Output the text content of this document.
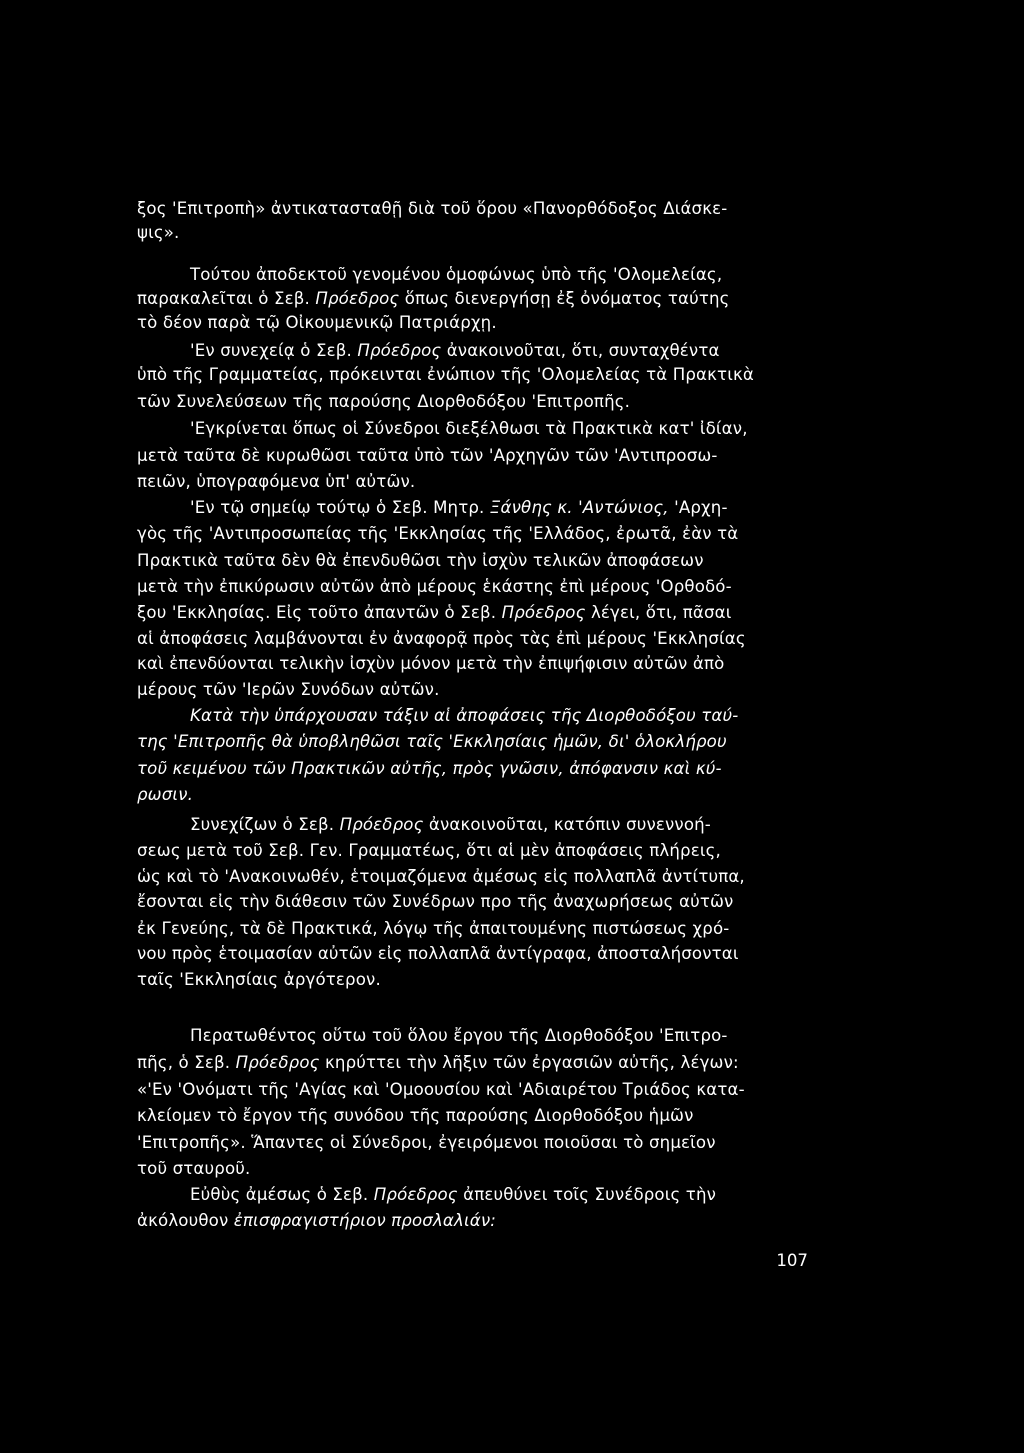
ξος 'Επιτροπὴ» ἀντικατασταθῇ διὰ τοῦ ὅρου «Πανορθόδοξος Διάσκε-
ψις».
Τούτου ἀποδεκτοῦ γενομένου ὁμοφώνως ὑπὸ τῆς 'Ολομελείας,
παρακαλεῖται ὁ Σεβ. Πρόεδρος ὅπως διενεργήσῃ ἐξ ὀνόματος ταύτης
τὸ δέον παρὰ τῷ Οἰκουμενικῷ Πατριάρχῃ.
'Εν συνεχείᾳ ὁ Σεβ. Πρόεδρος ἀνακοινοῦται, ὅτι, συνταχθέντα
ὑπὸ τῆς Γραμματείας, πρόκεινται ἐνώπιον τῆς 'Ολομελείας τὰ Πρακτικὰ
τῶν Συνελεύσεων τῆς παρούσης Διορθοδόξου 'Επιτροπῆς.
'Εγκρίνεται ὅπως οἱ Σύνεδροι διεξέλθωσι τὰ Πρακτικὰ κατ' ἰδίαν,
μετὰ ταῦτα δὲ κυρωθῶσι ταῦτα ὑπὸ τῶν 'Αρχηγῶν τῶν 'Αντιπροσω-
πειῶν, ὑπογραφόμενα ὑπ' αὐτῶν.
'Εν τῷ σημείῳ τούτῳ ὁ Σεβ. Μητρ. Ξάνθης κ. 'Αντώνιος, 'Αρχη-
γὸς τῆς 'Αντιπροσωπείας τῆς 'Εκκλησίας τῆς 'Ελλάδος, ἐρωτᾶ, ἐὰν τὰ
Πρακτικὰ ταῦτα δὲν θὰ ἐπενδυθῶσι τὴν ἰσχὺν τελικῶν ἀποφάσεων
μετὰ τὴν ἐπικύρωσιν αὐτῶν ἀπὸ μέρους ἑκάστης ἐπὶ μέρους 'Ορθοδό-
ξου 'Εκκλησίας. Εἰς τοῦτο ἀπαντῶν ὁ Σεβ. Πρόεδρος λέγει, ὅτι, πᾶσαι
αἱ ἀποφάσεις λαμβάνονται ἐν ἀναφορᾷ πρὸς τὰς ἐπὶ μέρους 'Εκκλησίας
καὶ ἐπενδύονται τελικὴν ἰσχὺν μόνον μετὰ τὴν ἐπιψήφισιν αὐτῶν ἀπὸ
μέρους τῶν 'Ιερῶν Συνόδων αὐτῶν.
Κατὰ τὴν ὑπάρχουσαν τάξιν αἱ ἀποφάσεις τῆς Διορθοδόξου ταύ-
της 'Επιτροπῆς θὰ ὑποβληθῶσι ταῖς 'Εκκλησίαις ἡμῶν, δι' ὁλοκλήρου
τοῦ κειμένου τῶν Πρακτικῶν αὐτῆς, πρὸς γνῶσιν, ἀπόφανσιν καὶ κύ-
ρωσιν.
Συνεχίζων ὁ Σεβ. Πρόεδρος ἀνακοινοῦται, κατόπιν συνεννοή-
σεως μετὰ τοῦ Σεβ. Γεν. Γραμματέως, ὅτι αἱ μὲν ἀποφάσεις πλήρεις,
ὡς καὶ τὸ 'Ανακοινωθέν, ἑτοιμαζόμενα ἀμέσως εἰς πολλαπλᾶ ἀντίτυπα,
ἔσονται εἰς τὴν διάθεσιν τῶν Συνέδρων προ τῆς ἀναχωρήσεως αὐτῶν
ἐκ Γενεύης, τὰ δὲ Πρακτικά, λόγῳ τῆς ἀπαιτουμένης πιστώσεως χρό-
νου πρὸς ἑτοιμασίαν αὐτῶν εἰς πολλαπλᾶ ἀντίγραφα, ἀποσταλήσονται
ταῖς 'Εκκλησίαις ἀργότερον.
Περατωθέντος οὕτω τοῦ ὅλου ἔργου τῆς Διορθοδόξου 'Επιτρο-
πῆς, ὁ Σεβ. Πρόεδρος κηρύττει τὴν λῆξιν τῶν ἐργασιῶν αὐτῆς, λέγων:
«'Εν 'Ονόματι τῆς 'Αγίας καὶ 'Ομοουσίου καὶ 'Αδιαιρέτου Τριάδος κατα-
κλείομεν τὸ ἔργον τῆς συνόδου τῆς παρούσης Διορθοδόξου ἡμῶν
'Επιτροπῆς». Ἅπαντες οἱ Σύνεδροι, ἐγειρόμενοι ποιοῦσαι τὸ σημεῖον
τοῦ σταυροῦ.
Εὐθὺς ἀμέσως ὁ Σεβ. Πρόεδρος ἀπευθύνει τοῖς Συνέδροις τὴν
ἀκόλουθον ἐπισφραγιστήριον προσλαλιάν:
107
